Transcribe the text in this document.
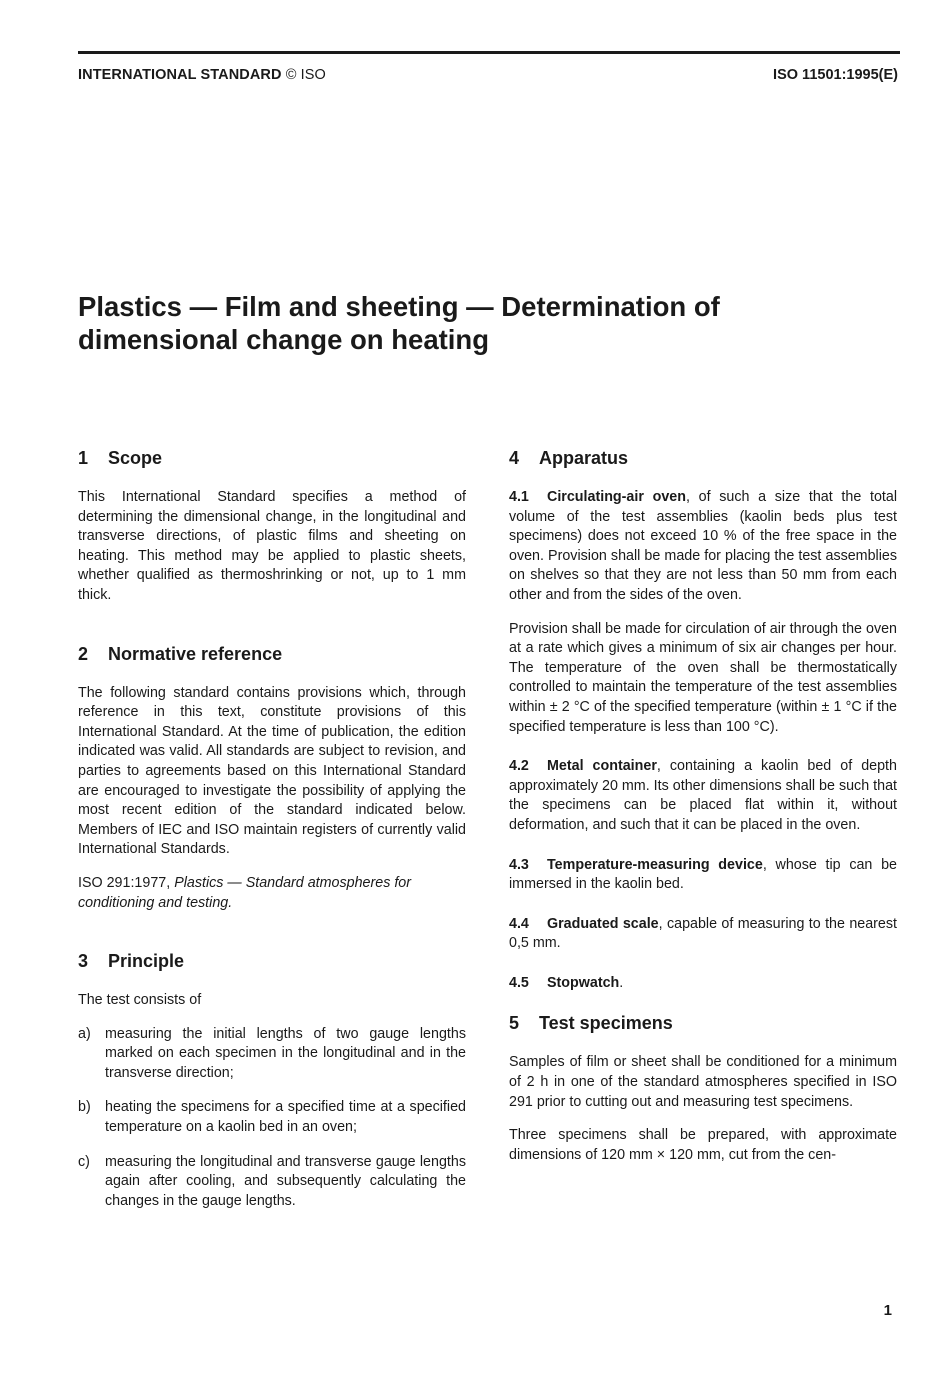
INTERNATIONAL STANDARD © ISO	ISO 11501:1995(E)
Plastics — Film and sheeting — Determination of
dimensional change on heating
1 Scope

This International Standard specifies a method of determining the dimensional change, in the longitudinal and transverse directions, of plastic films and sheeting on heating. This method may be applied to plastic sheets, whether qualified as thermoshrinking or not, up to 1 mm thick.

2 Normative reference

The following standard contains provisions which, through reference in this text, constitute provisions of this International Standard. At the time of publication, the edition indicated was valid. All standards are subject to revision, and parties to agreements based on this International Standard are encouraged to investigate the possibility of applying the most recent edition of the standard indicated below. Members of IEC and ISO maintain registers of currently valid International Standards.

ISO 291:1977, Plastics — Standard atmospheres for conditioning and testing.

3 Principle

The test consists of

a) measuring the initial lengths of two gauge lengths marked on each specimen in the longitudinal and in the transverse direction;
b) heating the specimens for a specified time at a specified temperature on a kaolin bed in an oven;
c) measuring the longitudinal and transverse gauge lengths again after cooling, and subsequently calculating the changes in the gauge lengths.
4 Apparatus

4.1 Circulating-air oven, of such a size that the total volume of the test assemblies (kaolin beds plus test specimens) does not exceed 10 % of the free space in the oven. Provision shall be made for placing the test assemblies on shelves so that they are not less than 50 mm from each other and from the sides of the oven.

Provision shall be made for circulation of air through the oven at a rate which gives a minimum of six air changes per hour. The temperature of the oven shall be thermostatically controlled to maintain the temperature of the test assemblies within ± 2 °C of the specified temperature (within ± 1 °C if the specified temperature is less than 100 °C).

4.2 Metal container, containing a kaolin bed of depth approximately 20 mm. Its other dimensions shall be such that the specimens can be placed flat within it, without deformation, and such that it can be placed in the oven.

4.3 Temperature-measuring device, whose tip can be immersed in the kaolin bed.

4.4 Graduated scale, capable of measuring to the nearest 0,5 mm.

4.5 Stopwatch.

5 Test specimens

Samples of film or sheet shall be conditioned for a minimum of 2 h in one of the standard atmospheres specified in ISO 291 prior to cutting out and measuring test specimens.

Three specimens shall be prepared, with approximate dimensions of 120 mm × 120 mm, cut from the cen-

1
